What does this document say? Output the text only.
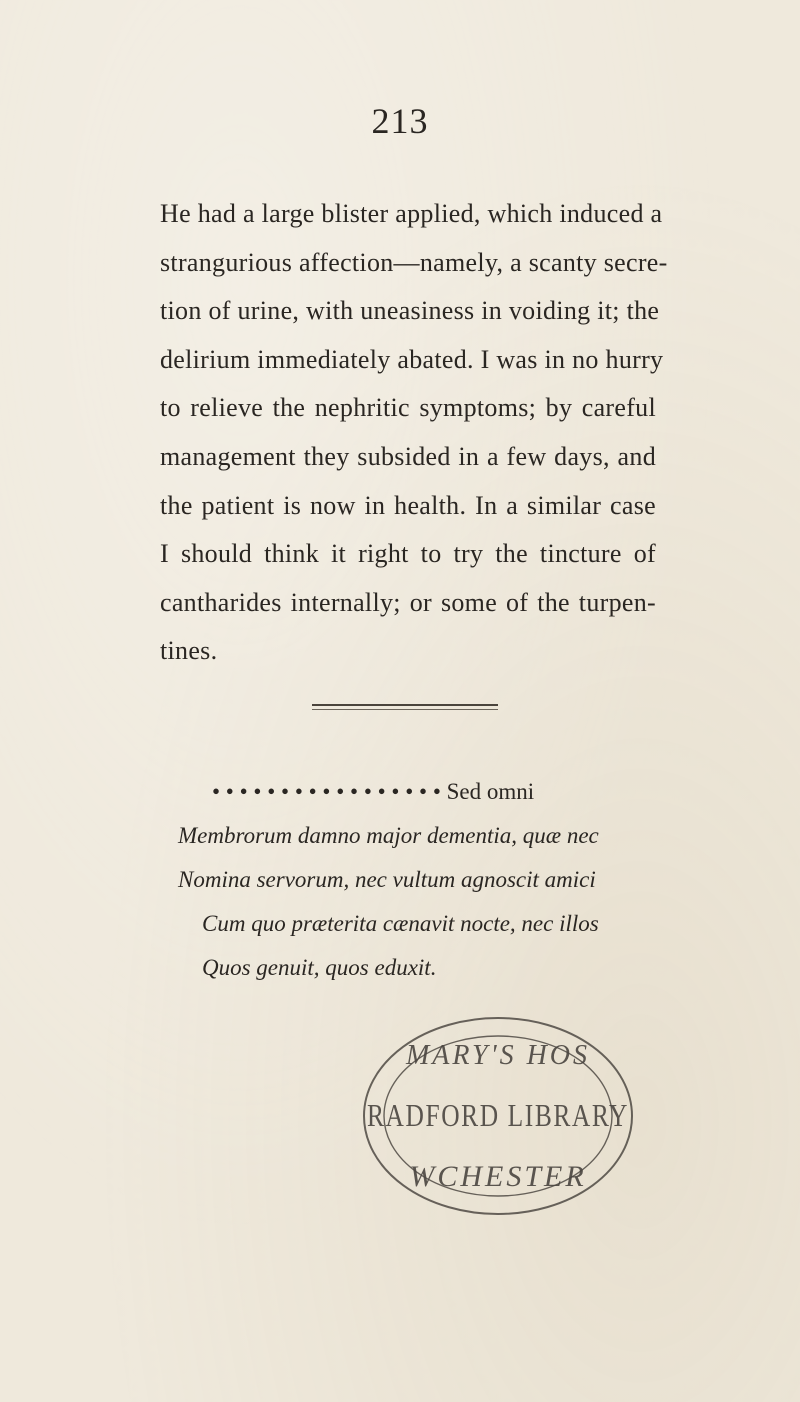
213
He had a large blister applied, which induced a
strangurious affection—namely, a scanty secre-
tion of urine, with uneasiness in voiding it; the
delirium immediately abated. I was in no hurry
to relieve the nephritic symptoms; by careful
management they subsided in a few days, and
the patient is now in health. In a similar case
I should think it right to try the tincture of
cantharides internally; or some of the turpen-
tines.
• • • • • • • • • • • • • • • • • Sed omni
Membrorum damno major dementia, quæ nec
Nomina servorum, nec vultum agnoscit amici
Cum quo præterita cænavit nocte, nec illos
Quos genuit, quos eduxit.
MARY'S HOS
RADFORD LIBRARY
WCHESTER
